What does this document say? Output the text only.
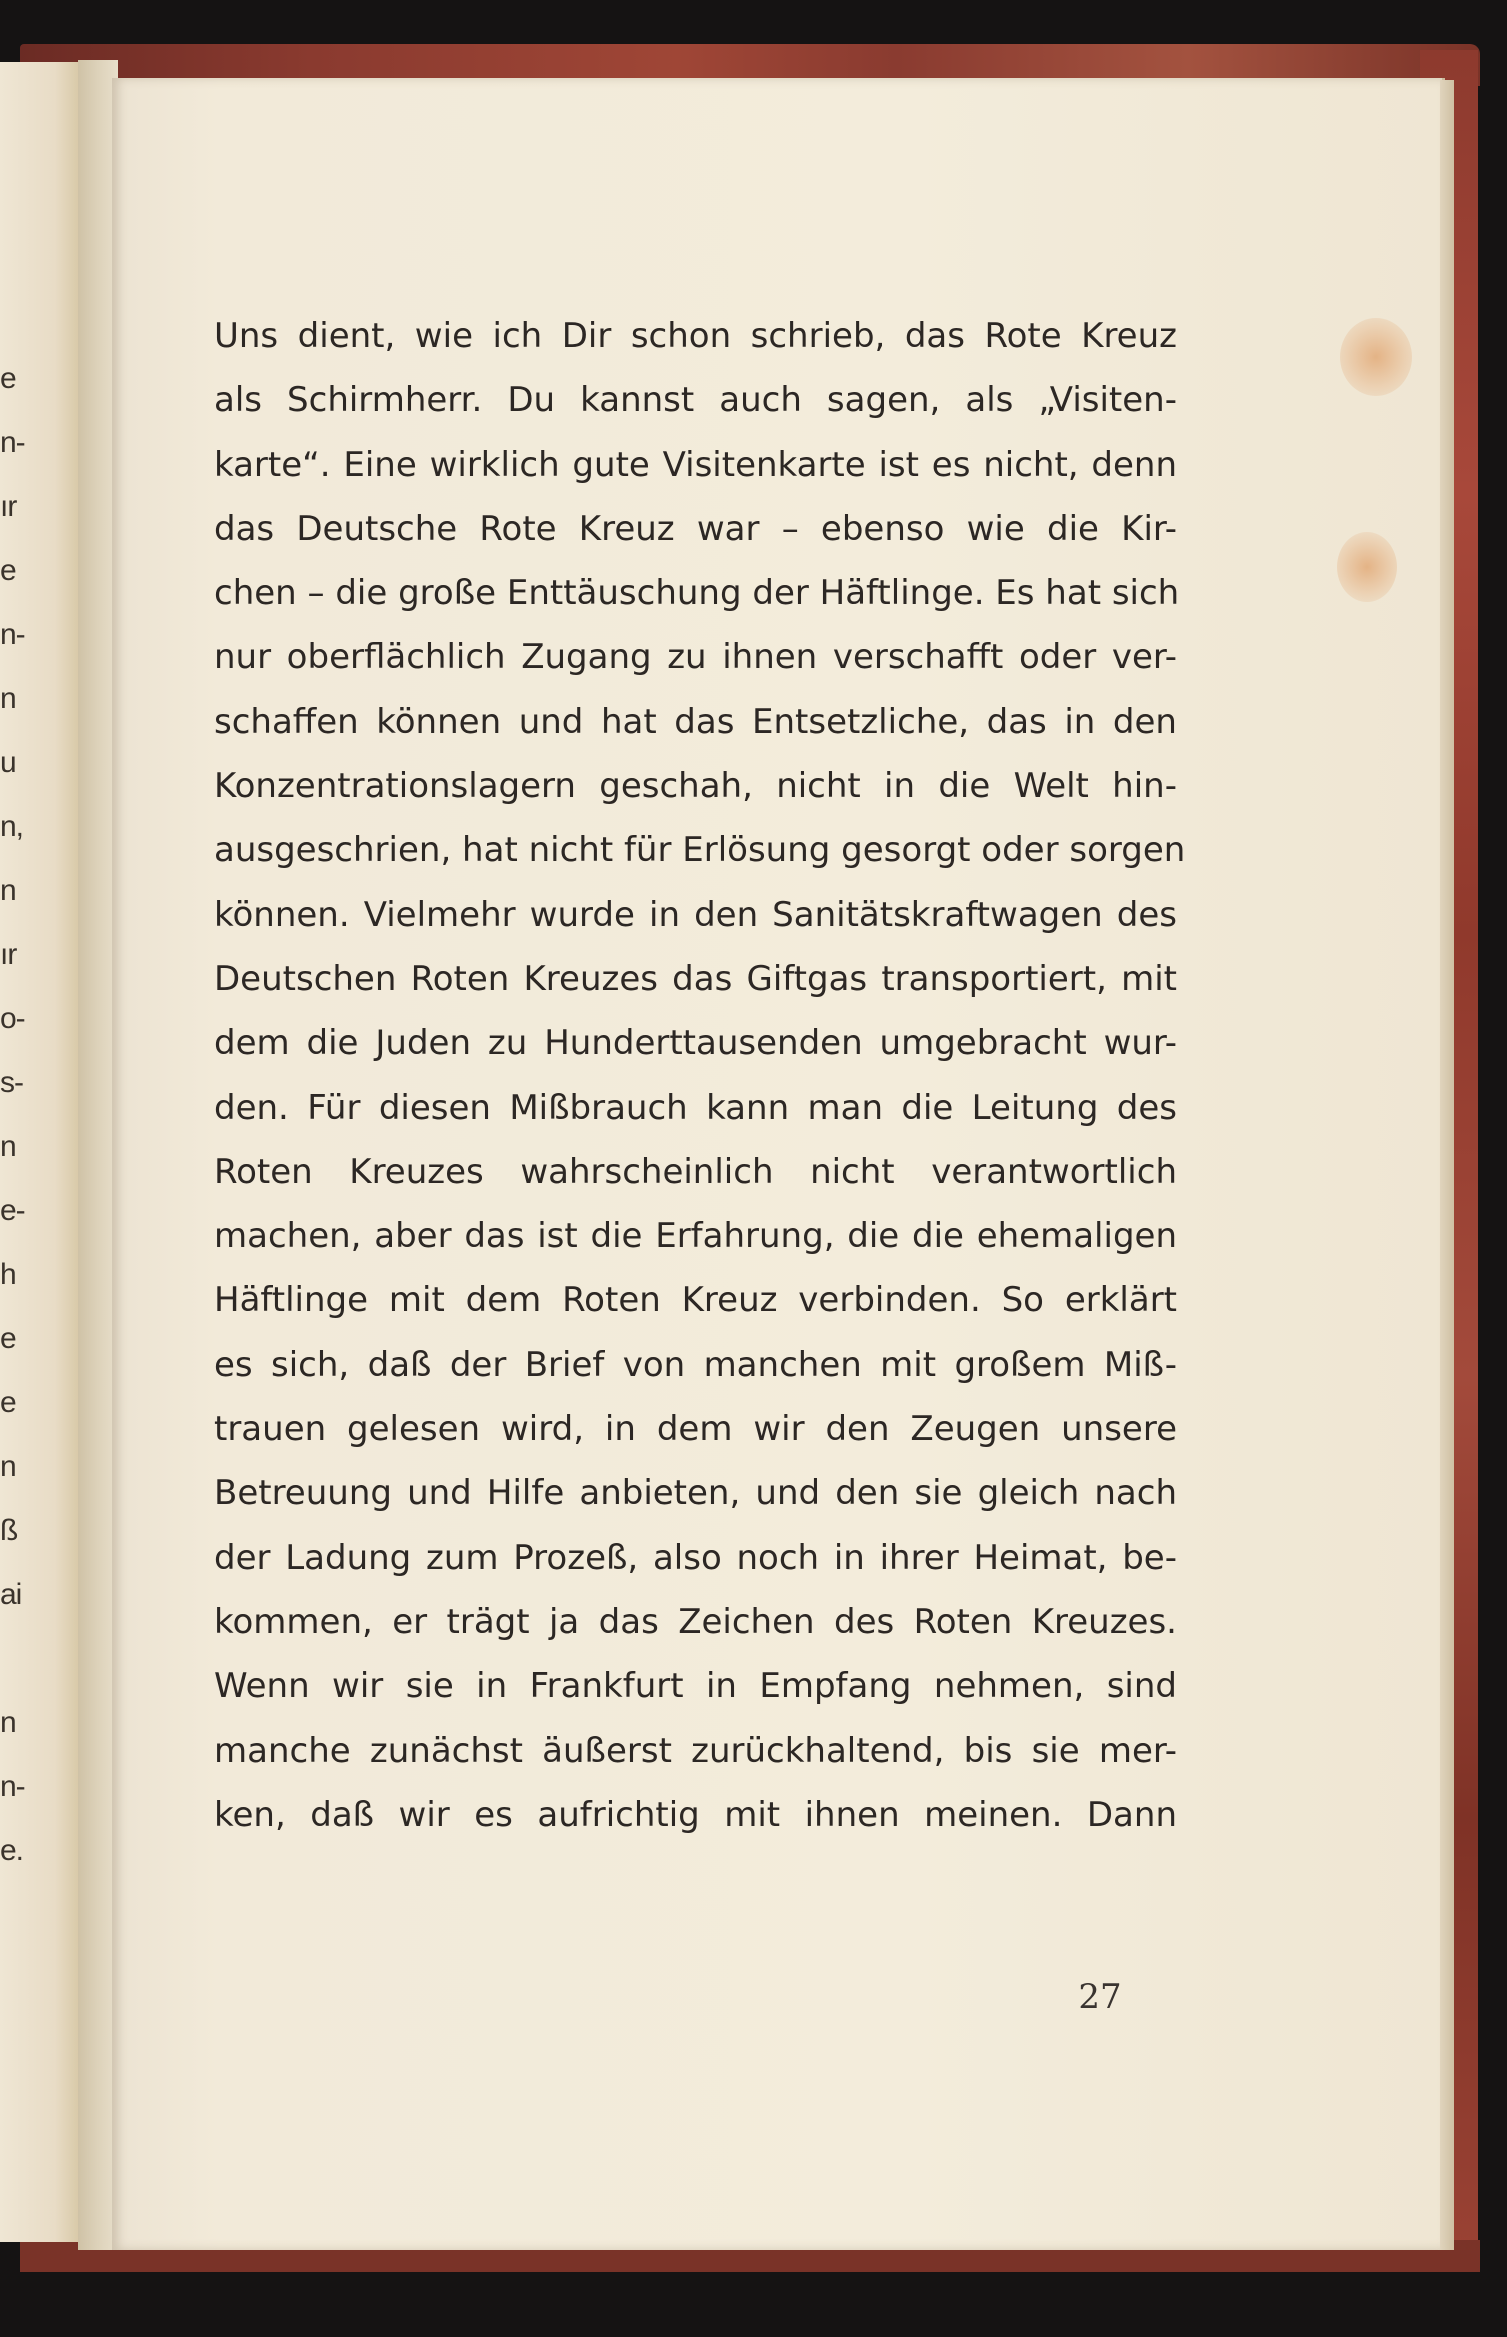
e
n-
ır
e
n-
n
u
n,
n
ır
o-
s-
n
e-
h
e
e
n
ß
ai
n
n-
e.
Uns dient, wie ich Dir schon schrieb, das Rote Kreuz
als Schirmherr. Du kannst auch sagen, als „Visiten-
karte“. Eine wirklich gute Visitenkarte ist es nicht, denn
das Deutsche Rote Kreuz war – ebenso wie die Kir-
chen – die große Enttäuschung der Häftlinge. Es hat sich
nur oberflächlich Zugang zu ihnen verschafft oder ver-
schaffen können und hat das Entsetzliche, das in den
Konzentrationslagern geschah, nicht in die Welt hin-
ausgeschrien, hat nicht für Erlösung gesorgt oder sorgen
können. Vielmehr wurde in den Sanitätskraftwagen des
Deutschen Roten Kreuzes das Giftgas transportiert, mit
dem die Juden zu Hunderttausenden umgebracht wur-
den. Für diesen Mißbrauch kann man die Leitung des
Roten Kreuzes wahrscheinlich nicht verantwortlich
machen, aber das ist die Erfahrung, die die ehemaligen
Häftlinge mit dem Roten Kreuz verbinden. So erklärt
es sich, daß der Brief von manchen mit großem Miß-
trauen gelesen wird, in dem wir den Zeugen unsere
Betreuung und Hilfe anbieten, und den sie gleich nach
der Ladung zum Prozeß, also noch in ihrer Heimat, be-
kommen, er trägt ja das Zeichen des Roten Kreuzes.
Wenn wir sie in Frankfurt in Empfang nehmen, sind
manche zunächst äußerst zurückhaltend, bis sie mer-
ken, daß wir es aufrichtig mit ihnen meinen. Dann
27
